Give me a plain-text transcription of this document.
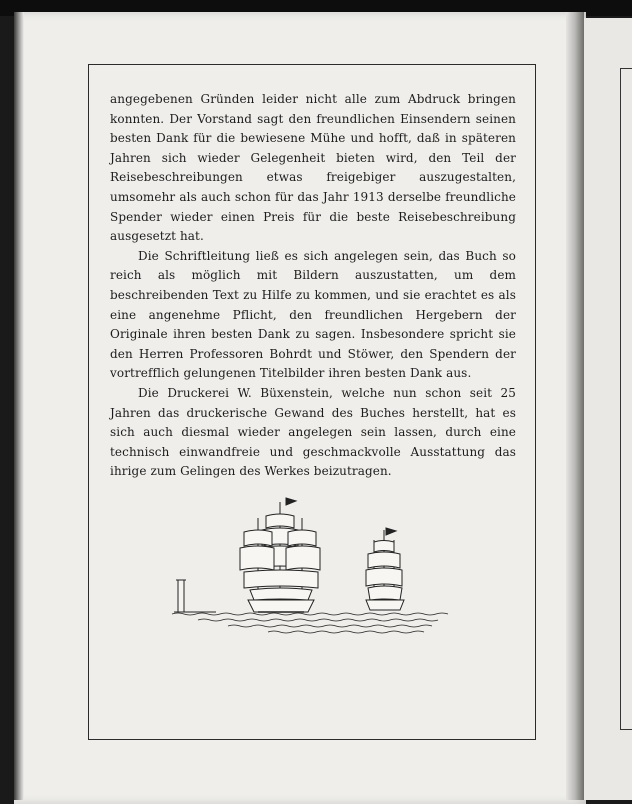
angegebenen Gründen leider nicht alle zum Abdruck bringen konnten. Der Vorstand sagt den freundlichen Einsendern seinen besten Dank für die bewiesene Mühe und hofft, daß in späteren Jahren sich wieder Gelegenheit bieten wird, den Teil der Reisebeschreibungen etwas freigebiger auszugestalten, umsomehr als auch schon für das Jahr 1913 derselbe freundliche Spender wieder einen Preis für die beste Reisebeschreibung ausgesetzt hat.

Die Schriftleitung ließ es sich angelegen sein, das Buch so reich als möglich mit Bildern auszustatten, um dem beschreibenden Text zu Hilfe zu kommen, und sie erachtet es als eine angenehme Pflicht, den freundlichen Hergebern der Originale ihren besten Dank zu sagen. Insbesondere spricht sie den Herren Professoren Bohrdt und Stöwer, den Spendern der vortrefflich gelungenen Titelbilder ihren besten Dank aus.

Die Druckerei W. Büxenstein, welche nun schon seit 25 Jahren das druckerische Gewand des Buches herstellt, hat es sich auch diesmal wieder angelegen sein lassen, durch eine technisch einwandfreie und geschmackvolle Ausstattung das ihrige zum Gelingen des Werkes beizutragen.
